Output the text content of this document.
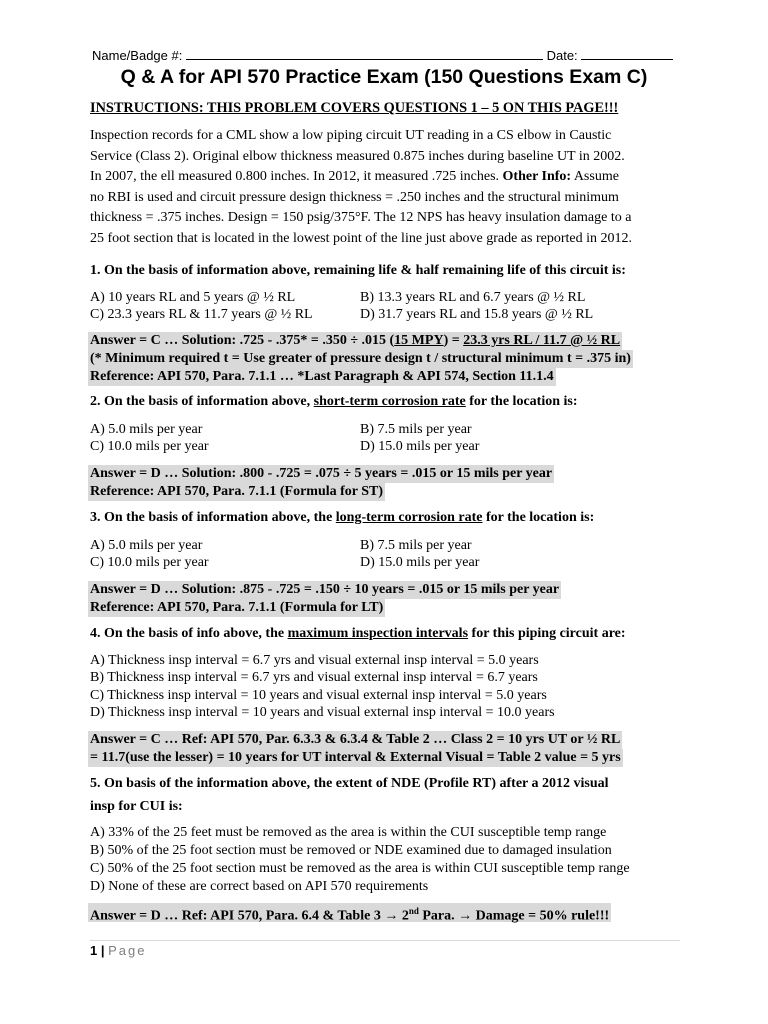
Name/Badge #:	Date:
Q & A for API 570 Practice Exam (150 Questions Exam C)
INSTRUCTIONS: THIS PROBLEM COVERS QUESTIONS 1 – 5 ON THIS PAGE!!!
Inspection records for a CML show a low piping circuit UT reading in a CS elbow in Caustic
Service (Class 2). Original elbow thickness measured 0.875 inches during baseline UT in 2002.
In 2007, the ell measured 0.800 inches. In 2012, it measured .725 inches. Other Info: Assume
no RBI is used and circuit pressure design thickness = .250 inches and the structural minimum
thickness = .375 inches. Design = 150 psig/375°F. The 12 NPS has heavy insulation damage to a
25 foot section that is located in the lowest point of the line just above grade as reported in 2012.
1. On the basis of information above, remaining life & half remaining life of this circuit is:
A) 10 years RL and 5 years @ ½ RL	B) 13.3 years RL and 6.7 years @ ½ RL
C) 23.3 years RL & 11.7 years @ ½ RL	D) 31.7 years RL and 15.8 years @ ½ RL
Answer = C … Solution: .725 - .375* = .350 ÷ .015 (15 MPY) = 23.3 yrs RL / 11.7 @ ½ RL
(* Minimum required t = Use greater of pressure design t / structural minimum t = .375 in)
Reference: API 570, Para. 7.1.1 … *Last Paragraph & API 574, Section 11.1.4
2. On the basis of information above, short-term corrosion rate for the location is:
A) 5.0 mils per year	B) 7.5 mils per year
C) 10.0 mils per year	D) 15.0 mils per year
Answer = D … Solution: .800 - .725 = .075 ÷ 5 years = .015 or 15 mils per year
Reference: API 570, Para. 7.1.1 (Formula for ST)
3. On the basis of information above, the long-term corrosion rate for the location is:
A) 5.0 mils per year	B) 7.5 mils per year
C) 10.0 mils per year	D) 15.0 mils per year
Answer = D … Solution: .875 - .725 = .150 ÷ 10 years = .015 or 15 mils per year
Reference: API 570, Para. 7.1.1 (Formula for LT)
4. On the basis of info above, the maximum inspection intervals for this piping circuit are:
A) Thickness insp interval = 6.7 yrs and visual external insp interval = 5.0 years
B) Thickness insp interval = 6.7 yrs and visual external insp interval = 6.7 years
C) Thickness insp interval = 10 years and visual external insp interval = 5.0 years
D) Thickness insp interval = 10 years and visual external insp interval = 10.0 years
Answer = C … Ref: API 570, Par. 6.3.3 & 6.3.4 & Table 2 … Class 2 = 10 yrs UT or ½ RL
= 11.7(use the lesser) = 10 years for UT interval & External Visual = Table 2 value = 5 yrs
5. On basis of the information above, the extent of NDE (Profile RT) after a 2012 visual
insp for CUI is:
A) 33% of the 25 feet must be removed as the area is within the CUI susceptible temp range
B) 50% of the 25 foot section must be removed or NDE examined due to damaged insulation
C) 50% of the 25 foot section must be removed as the area is within CUI susceptible temp range
D) None of these are correct based on API 570 requirements
Answer = D … Ref: API 570, Para. 6.4 & Table 3 → 2nd Para. → Damage = 50% rule!!!
1 | Page
